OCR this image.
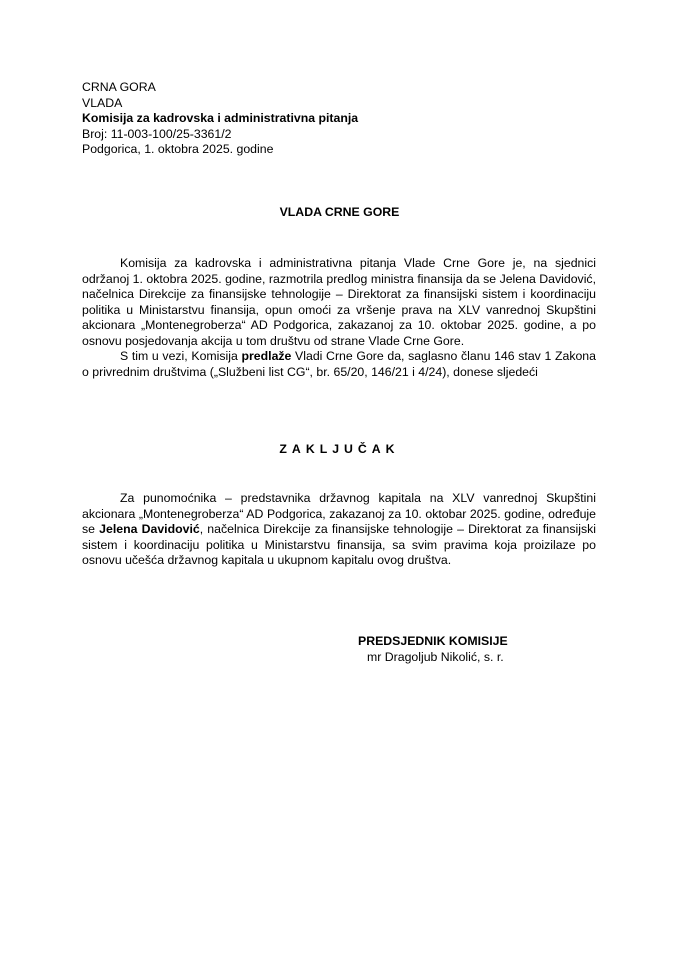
CRNA GORA
VLADA
Komisija za kadrovska i administrativna pitanja
Broj: 11-003-100/25-3361/2
Podgorica, 1. oktobra 2025. godine
VLADA CRNE GORE

Komisija za kadrovska i administrativna pitanja Vlade Crne Gore je, na sjednici održanoj 1. oktobra 2025. godine, razmotrila predlog ministra finansija da se Jelena Davidović, načelnica Direkcije za finansijske tehnologije – Direktorat za finansijski sistem i koordinaciju politika u Ministarstvu finansija, opun omoći za vršenje prava na XLV vanrednoj Skupštini akcionara „Montenegroberza“ AD Podgorica, zakazanoj za 10. oktobar 2025. godine, a po osnovu posjedovanja akcija u tom društvu od strane Vlade Crne Gore.

S tim u vezi, Komisija predlaže Vladi Crne Gore da, saglasno članu 146 stav 1 Zakona o privrednim društvima („Službeni list CG“, br. 65/20, 146/21 i 4/24), donese sljedeći

ZAKLJUČAK

Za punomoćnika – predstavnika državnog kapitala na XLV vanrednoj Skupštini akcionara „Montenegroberza“ AD Podgorica, zakazanoj za 10. oktobar 2025. godine, određuje se Jelena Davidović, načelnica Direkcije za finansijske tehnologije – Direktorat za finansijski sistem i koordinaciju politika u Ministarstvu finansija, sa svim pravima koja proizilaze po osnovu učešća državnog kapitala u ukupnom kapitalu ovog društva.

PREDSJEDNIK KOMISIJE
mr Dragoljub Nikolić, s. r.
